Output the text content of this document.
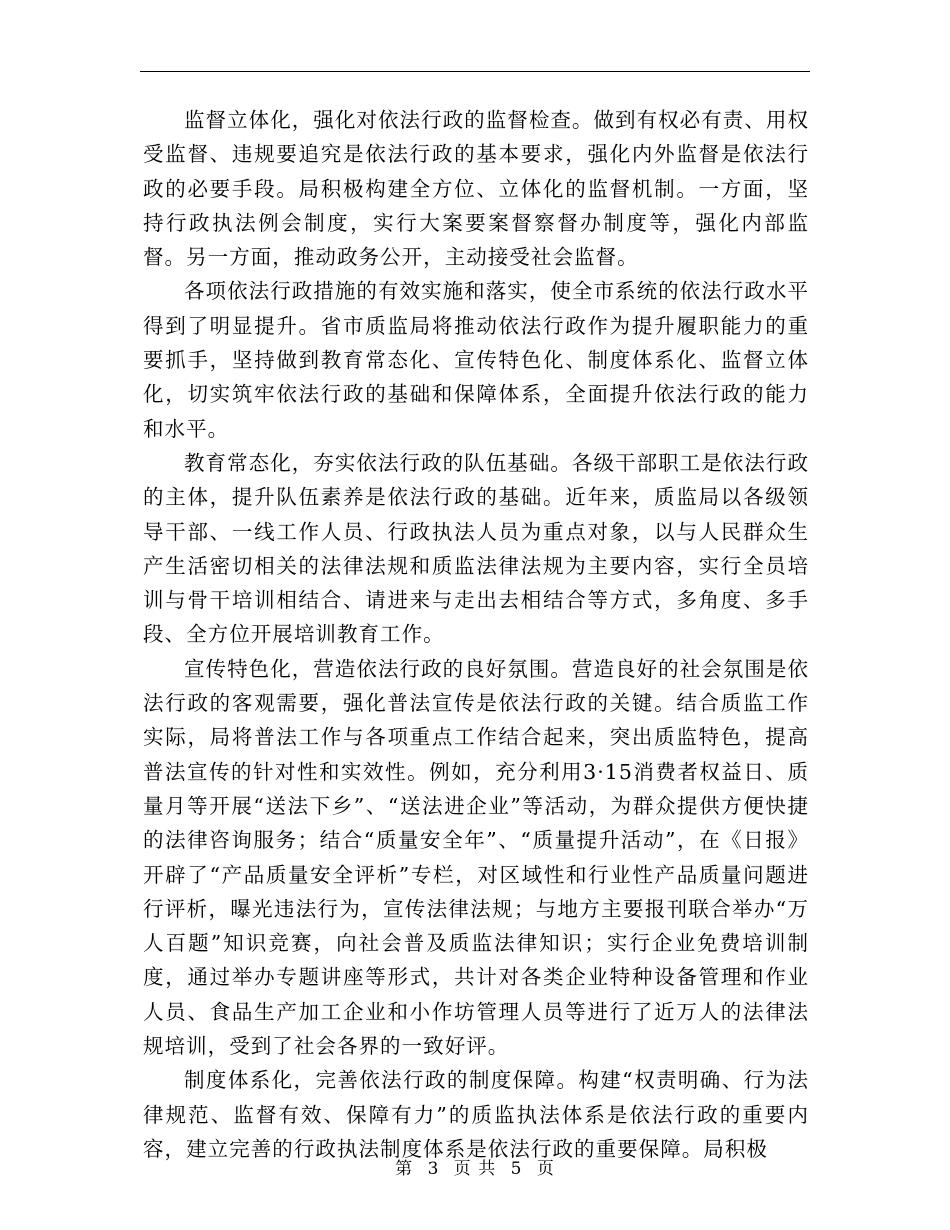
监督立体化，强化对依法行政的监督检查。做到有权必有责、用权受监督、违规要追究是依法行政的基本要求，强化内外监督是依法行政的必要手段。局积极构建全方位、立体化的监督机制。一方面，坚持行政执法例会制度，实行大案要案督察督办制度等，强化内部监督。另一方面，推动政务公开，主动接受社会监督。

各项依法行政措施的有效实施和落实，使全市系统的依法行政水平得到了明显提升。省市质监局将推动依法行政作为提升履职能力的重要抓手，坚持做到教育常态化、宣传特色化、制度体系化、监督立体化，切实筑牢依法行政的基础和保障体系，全面提升依法行政的能力和水平。

教育常态化，夯实依法行政的队伍基础。各级干部职工是依法行政的主体，提升队伍素养是依法行政的基础。近年来，质监局以各级领导干部、一线工作人员、行政执法人员为重点对象，以与人民群众生产生活密切相关的法律法规和质监法律法规为主要内容，实行全员培训与骨干培训相结合、请进来与走出去相结合等方式，多角度、多手段、全方位开展培训教育工作。

宣传特色化，营造依法行政的良好氛围。营造良好的社会氛围是依法行政的客观需要，强化普法宣传是依法行政的关键。结合质监工作实际，局将普法工作与各项重点工作结合起来，突出质监特色，提高普法宣传的针对性和实效性。例如，充分利用3·15消费者权益日、质量月等开展“送法下乡”、“送法进企业”等活动，为群众提供方便快捷的法律咨询服务；结合“质量安全年”、“质量提升活动”，在《日报》开辟了“产品质量安全评析”专栏，对区域性和行业性产品质量问题进行评析，曝光违法行为，宣传法律法规；与地方主要报刊联合举办“万人百题”知识竞赛，向社会普及质监法律知识；实行企业免费培训制度，通过举办专题讲座等形式，共计对各类企业特种设备管理和作业人员、食品生产加工企业和小作坊管理人员等进行了近万人的法律法规培训，受到了社会各界的一致好评。

制度体系化，完善依法行政的制度保障。构建“权责明确、行为法律规范、监督有效、保障有力”的质监执法体系是依法行政的重要内容，建立完善的行政执法制度体系是依法行政的重要保障。局积极

第 3 页 共 5 页
